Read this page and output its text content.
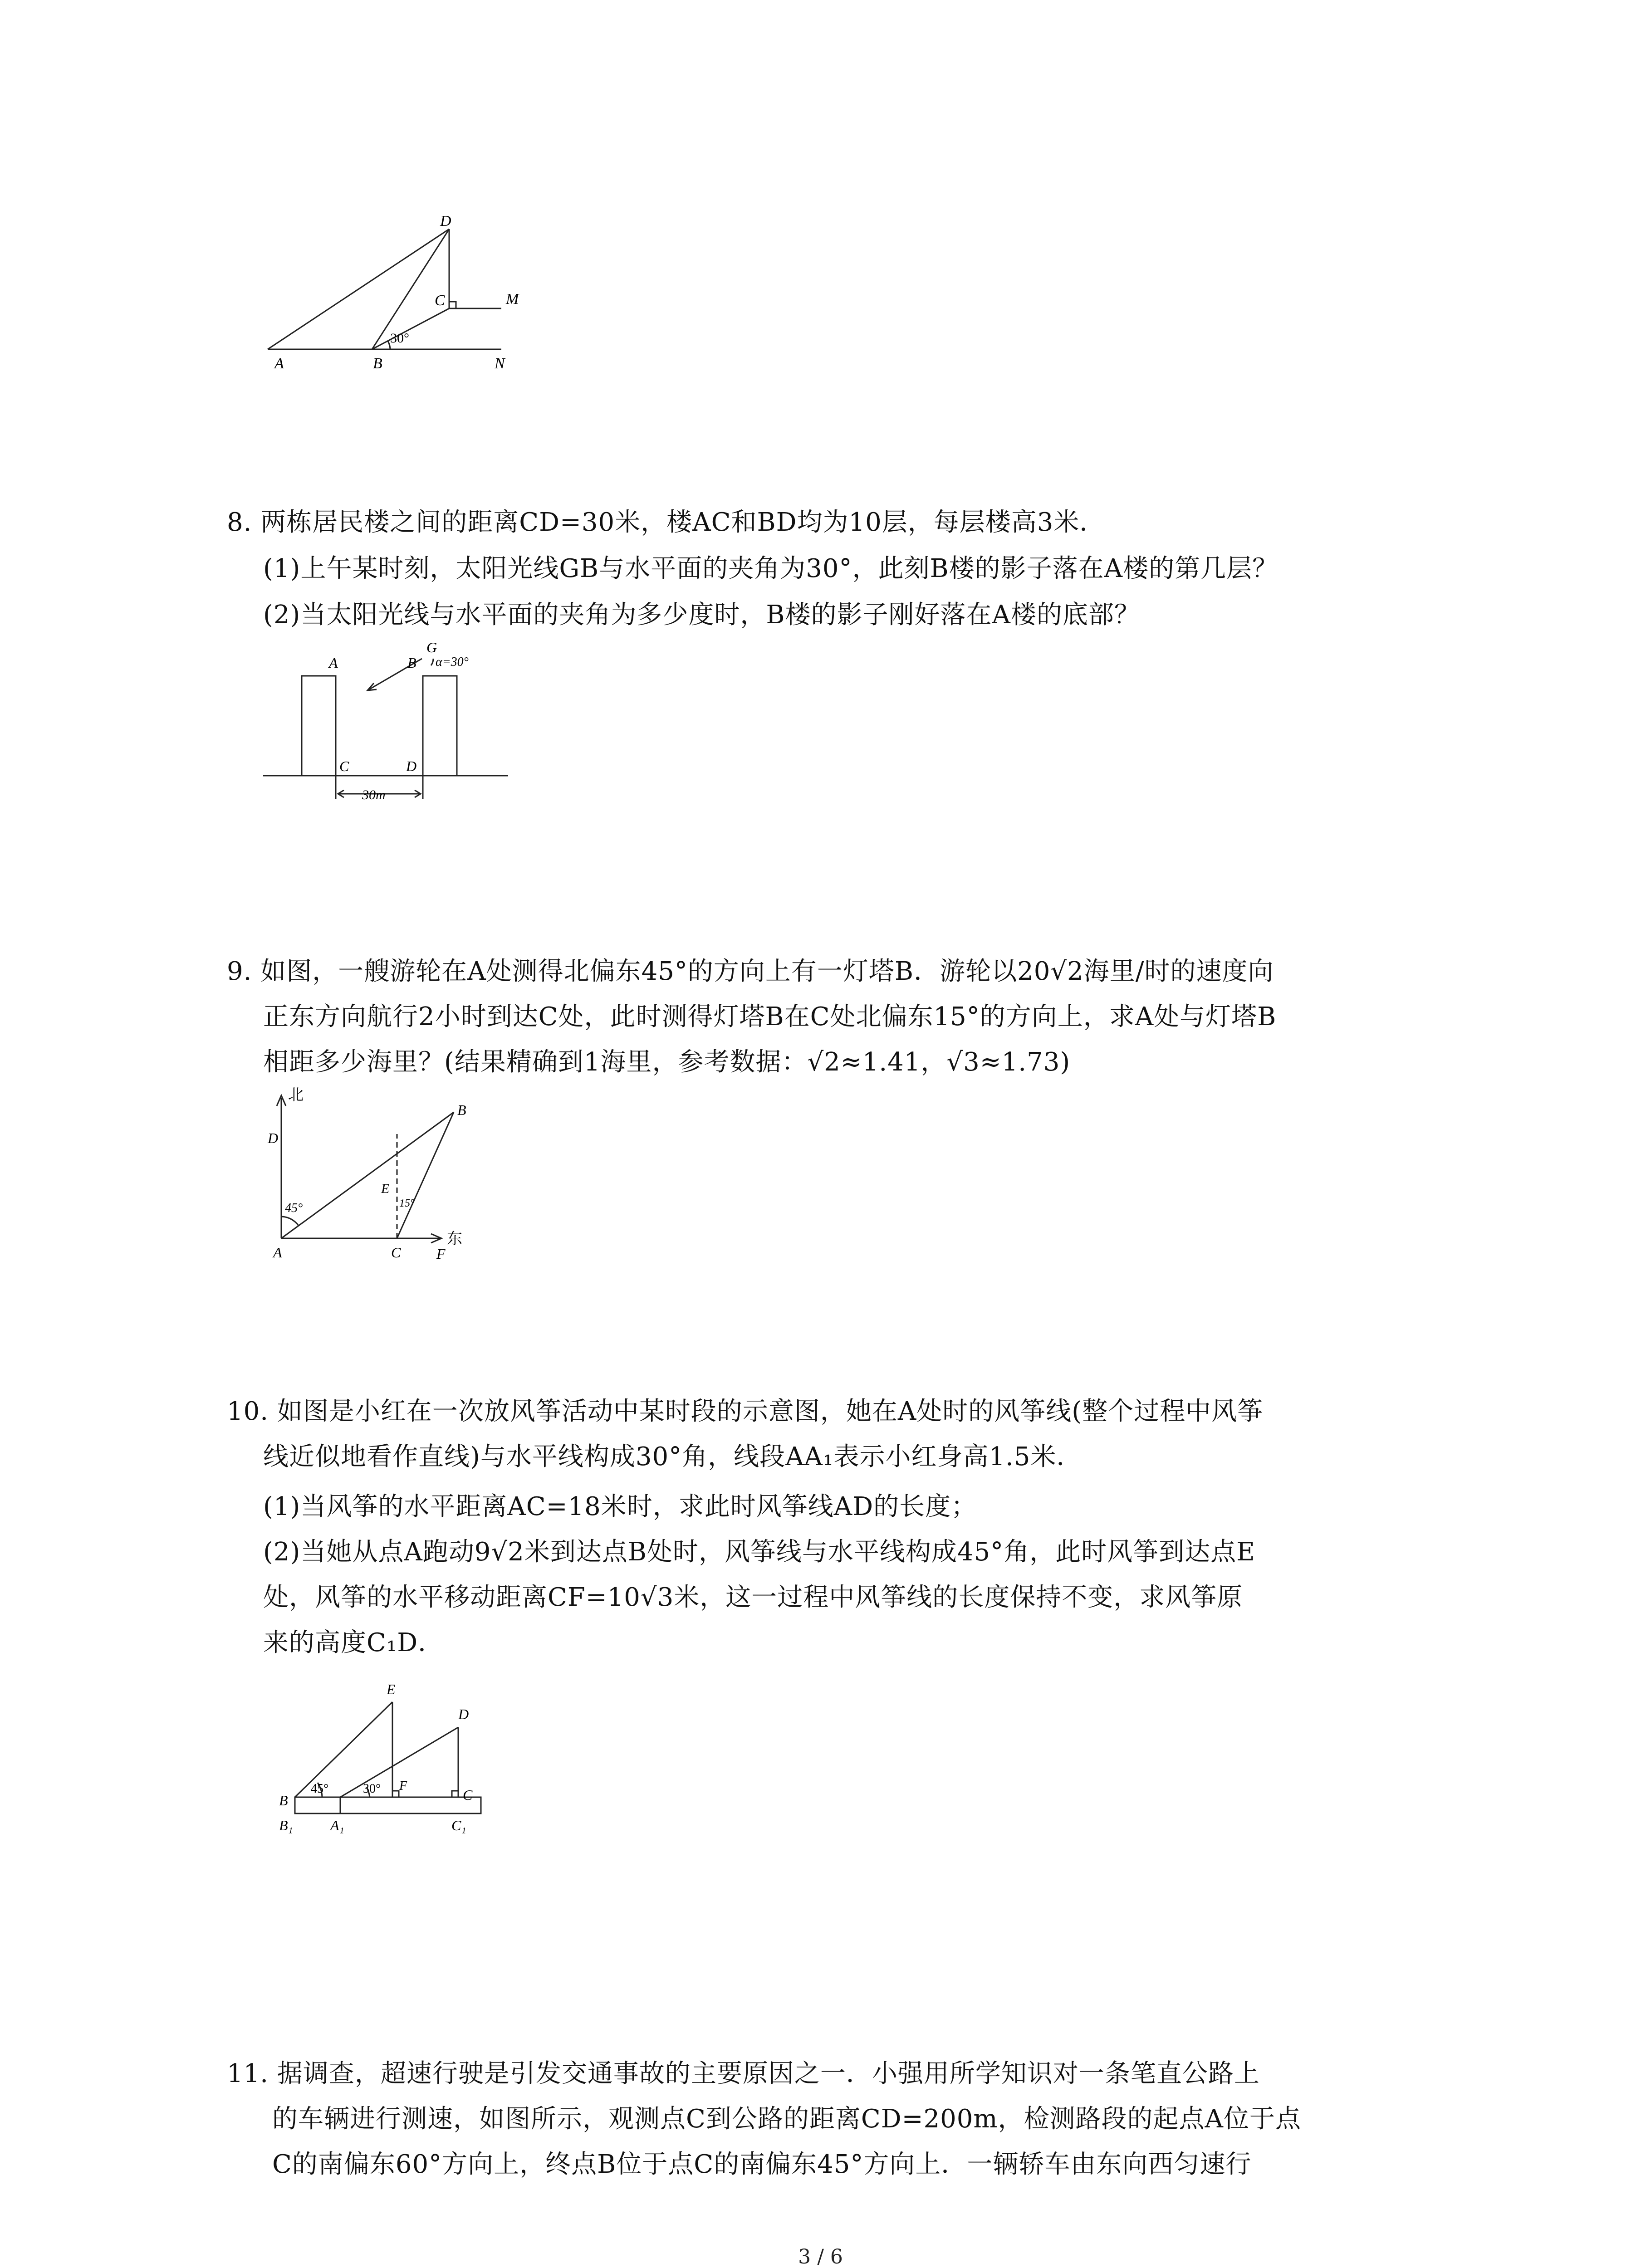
D
C	M
A	B	N
30°
8. 两栋居民楼之间的距离CD=30米，楼AC和BD均为10层，每层楼高3米．
(1)上午某时刻，太阳光线GB与水平面的夹角为30°，此刻B楼的影子落在A楼的第几层？
(2)当太阳光线与水平面的夹角为多少度时，B楼的影子刚好落在A楼的底部？
A	B
G
α=30°
C	D
30m
9. 如图，一艘游轮在A处测得北偏东45°的方向上有一灯塔B．游轮以20√2海里/时的速度向
正东方向航行2小时到达C处，此时测得灯塔B在C处北偏东15°的方向上，求A处与灯塔B
相距多少海里？(结果精确到1海里，参考数据：√2≈1.41，√3≈1.73)
北
东
D
B
E
15°
45°
A	C F
10. 如图是小红在一次放风筝活动中某时段的示意图，她在A处时的风筝线(整个过程中风筝
线近似地看作直线)与水平线构成30°角，线段AA₁表示小红身高1.5米．
(1)当风筝的水平距离AC=18米时，求此时风筝线AD的长度；
(2)当她从点A跑动9√2米到达点B处时，风筝线与水平线构成45°角，此时风筝到达点E
处，风筝的水平移动距离CF=10√3米，这一过程中风筝线的长度保持不变，求风筝原
来的高度C₁D．
E
D
45°	30° F
C
B
B₁	A₁	C₁
11. 据调查，超速行驶是引发交通事故的主要原因之一．小强用所学知识对一条笔直公路上
的车辆进行测速，如图所示，观测点C到公路的距离CD=200m，检测路段的起点A位于点
C的南偏东60°方向上，终点B位于点C的南偏东45°方向上．一辆轿车由东向西匀速行
3 / 6
